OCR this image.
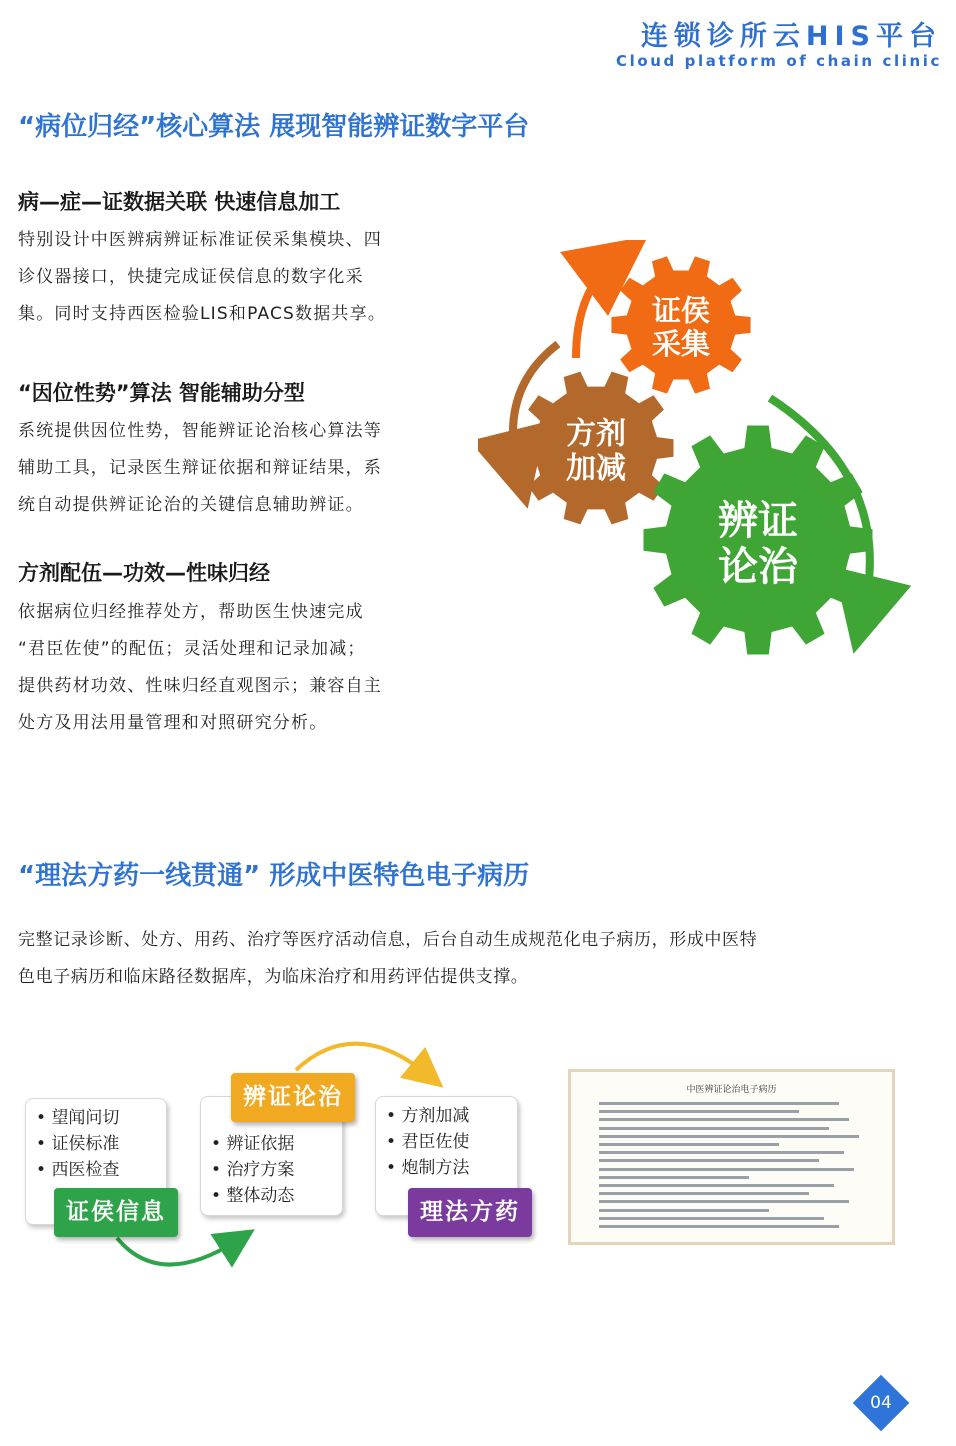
连锁诊所云HIS平台
Cloud platform of chain clinic
“病位归经”核心算法 展现智能辨证数字平台
病—症—证数据关联 快速信息加工
特别设计中医辨病辨证标准证侯采集模块、四
诊仪器接口，快捷完成证侯信息的数字化采
集。同时支持西医检验LIS和PACS数据共享。
“因位性势”算法 智能辅助分型
系统提供因位性势，智能辨证论治核心算法等
辅助工具，记录医生辩证依据和辩证结果，系
统自动提供辨证论治的关键信息辅助辨证。
方剂配伍—功效—性味归经
依据病位归经推荐处方，帮助医生快速完成
“君臣佐使”的配伍；灵活处理和记录加减；
提供药材功效、性味归经直观图示；兼容自主
处方及用法用量管理和对照研究分析。
证侯
采集
方剂
加减
辨证
论治
“理法方药一线贯通” 形成中医特色电子病历
完整记录诊断、处方、用药、治疗等医疗活动信息，后台自动生成规范化电子病历，形成中医特
色电子病历和临床路径数据库，为临床治疗和用药评估提供支撑。
• 望闻问切
• 证侯标准
• 西医检查
证侯信息
• 辨证依据
• 治疗方案
• 整体动态
辨证论治
• 方剂加减
• 君臣佐使
• 炮制方法
理法方药
中医辨证论治电子病历
04
